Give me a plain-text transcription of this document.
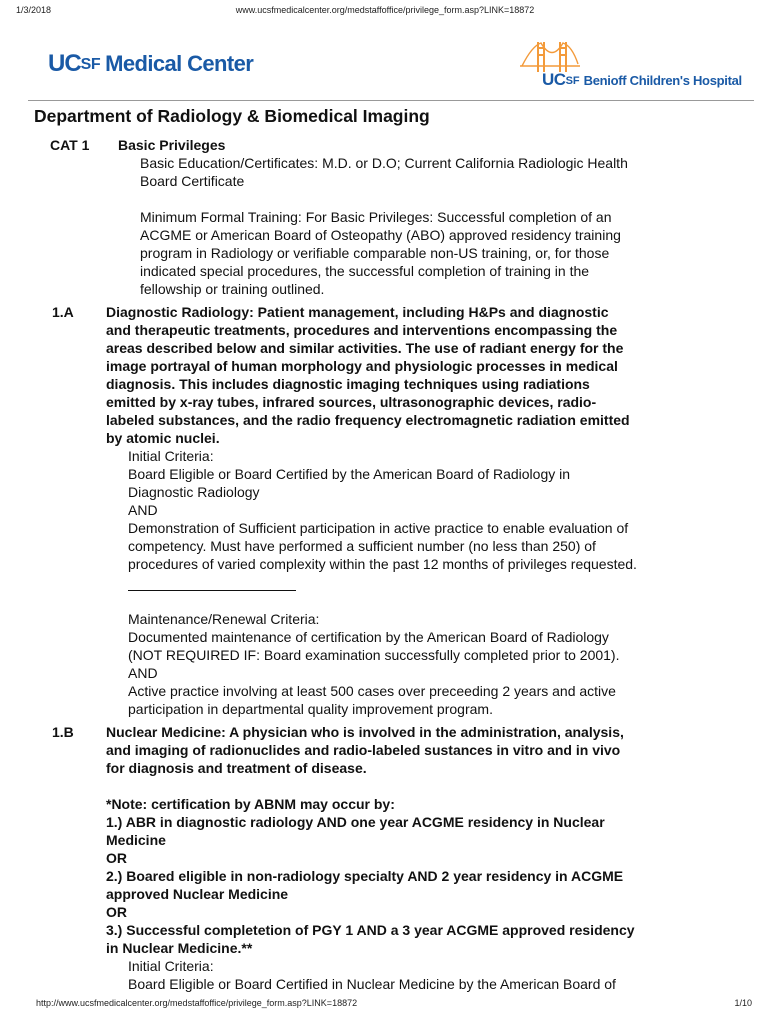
1/3/2018	www.ucsfmedicalcenter.org/medstaffoffice/privilege_form.asp?LINK=18872
UC SF Medical Center
UC SF Benioff Children's Hospital
Department of Radiology & Biomedical Imaging
CAT 1 Basic Privileges

Basic Education/Certificates: M.D. or D.O; Current California Radiologic Health
Board Certificate

Minimum Formal Training: For Basic Privileges: Successful completion of an
ACGME or American Board of Osteopathy (ABO) approved residency training
program in Radiology or verifiable comparable non-US training, or, for those
indicated special procedures, the successful completion of training in the
fellowship or training outlined.

1.A Diagnostic Radiology: Patient management, including H&Ps and diagnostic
and therapeutic treatments, procedures and interventions encompassing the
areas described below and similar activities. The use of radiant energy for the
image portrayal of human morphology and physiologic processes in medical
diagnosis. This includes diagnostic imaging techniques using radiations
emitted by x-ray tubes, infrared sources, ultrasonographic devices, radio-
labeled substances, and the radio frequency electromagnetic radiation emitted
by atomic nuclei.

Initial Criteria:
Board Eligible or Board Certified by the American Board of Radiology in
Diagnostic Radiology
AND
Demonstration of Sufficient participation in active practice to enable evaluation of
competency. Must have performed a sufficient number (no less than 250) of
procedures of varied complexity within the past 12 months of privileges requested.

Maintenance/Renewal Criteria:
Documented maintenance of certification by the American Board of Radiology
(NOT REQUIRED IF: Board examination successfully completed prior to 2001).
AND
Active practice involving at least 500 cases over preceeding 2 years and active
participation in departmental quality improvement program.

1.B Nuclear Medicine: A physician who is involved in the administration, analysis,
and imaging of radionuclides and radio-labeled sustances in vitro and in vivo
for diagnosis and treatment of disease.

*Note: certification by ABNM may occur by:
1.) ABR in diagnostic radiology AND one year ACGME residency in Nuclear
Medicine
OR
2.) Boared eligible in non-radiology specialty AND 2 year residency in ACGME
approved Nuclear Medicine
OR
3.) Successful completetion of PGY 1 AND a 3 year ACGME approved residency
in Nuclear Medicine.**

Initial Criteria:
Board Eligible or Board Certified in Nuclear Medicine by the American Board of

http://www.ucsfmedicalcenter.org/medstaffoffice/privilege_form.asp?LINK=18872	1/10
